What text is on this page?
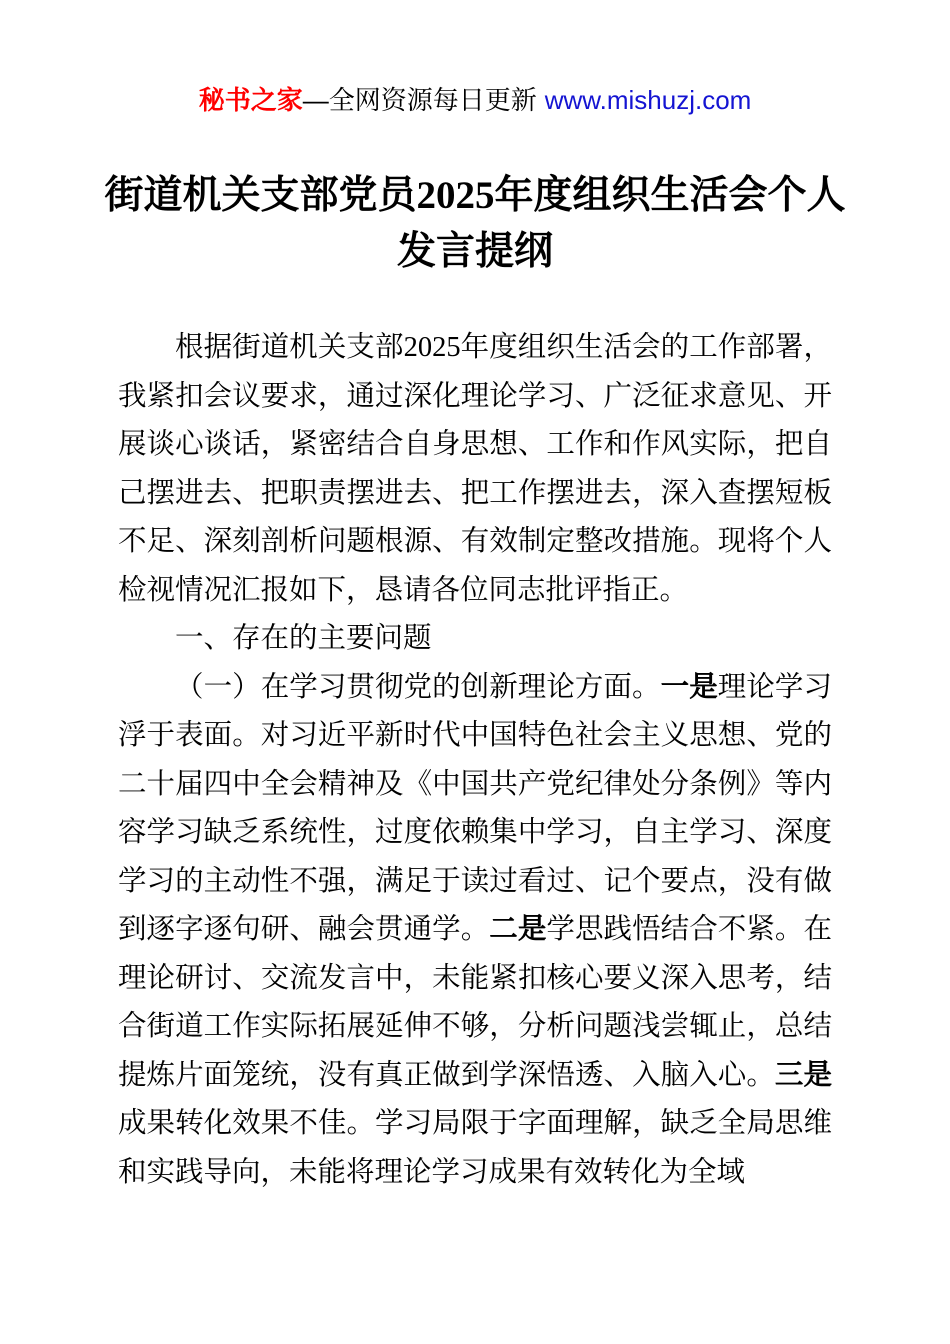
秘书之家—全网资源每日更新 www.mishuzj.com
街道机关支部党员2025年度组织生活会个人
发言提纲

根据街道机关支部2025年度组织生活会的工作部署，我紧扣会议要求，通过深化理论学习、广泛征求意见、开展谈心谈话，紧密结合自身思想、工作和作风实际，把自己摆进去、把职责摆进去、把工作摆进去，深入查摆短板不足、深刻剖析问题根源、有效制定整改措施。现将个人检视情况汇报如下，恳请各位同志批评指正。

一、存在的主要问题

（一）在学习贯彻党的创新理论方面。一是理论学习浮于表面。对习近平新时代中国特色社会主义思想、党的二十届四中全会精神及《中国共产党纪律处分条例》等内容学习缺乏系统性，过度依赖集中学习，自主学习、深度学习的主动性不强，满足于读过看过、记个要点，没有做到逐字逐句研、融会贯通学。二是学思践悟结合不紧。在理论研讨、交流发言中，未能紧扣核心要义深入思考，结合街道工作实际拓展延伸不够，分析问题浅尝辄止，总结提炼片面笼统，没有真正做到学深悟透、入脑入心。三是成果转化效果不佳。学习局限于字面理解，缺乏全局思维和实践导向，未能将理论学习成果有效转化为全域
